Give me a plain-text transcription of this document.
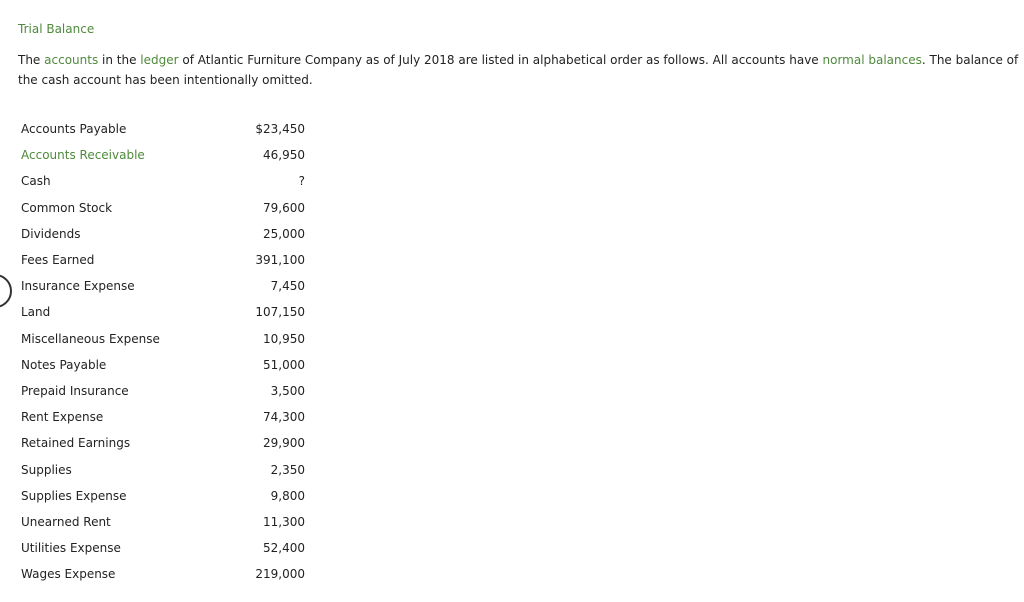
Trial Balance
The accounts in the ledger of Atlantic Furniture Company as of July 2018 are listed in alphabetical order as follows. All accounts have normal balances. The balance of the cash account has been intentionally omitted.
Accounts Payable	$23,450
Accounts Receivable	46,950
Cash	?
Common Stock	79,600
Dividends	25,000
Fees Earned	391,100
Insurance Expense	7,450
Land	107,150
Miscellaneous Expense	10,950
Notes Payable	51,000
Prepaid Insurance	3,500
Rent Expense	74,300
Retained Earnings	29,900
Supplies	2,350
Supplies Expense	9,800
Unearned Rent	11,300
Utilities Expense	52,400
Wages Expense	219,000
